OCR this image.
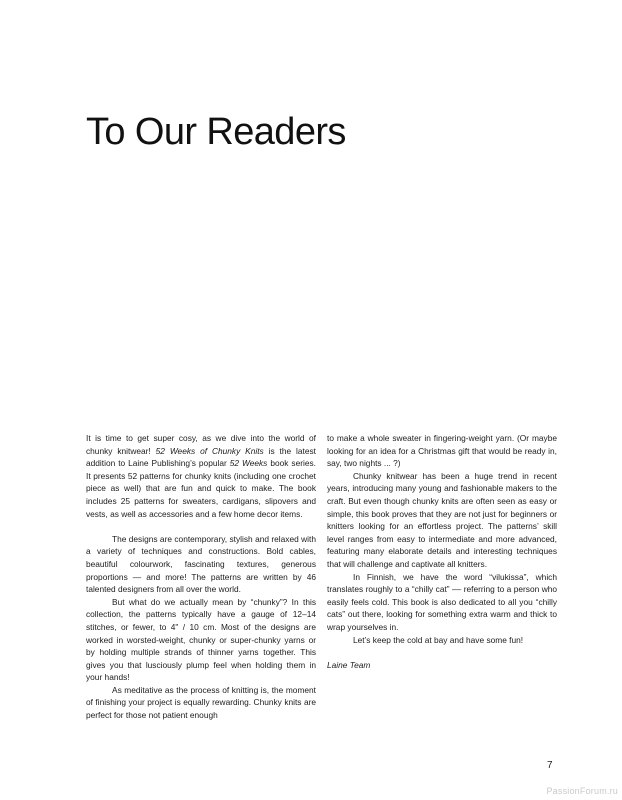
To Our Readers

It is time to get super cosy, as we dive into the world of chunky knitwear! 52 Weeks of Chunky Knits is the latest addition to Laine Publishing’s popular 52 Weeks book series. It presents 52 patterns for chunky knits (including one crochet piece as well) that are fun and quick to make. The book includes 25 patterns for sweaters, cardigans, slipovers and vests, as well as accessories and a few home decor items.

The designs are contemporary, stylish and relaxed with a variety of techniques and constructions. Bold cables, beautiful colourwork, fascinating textures, generous proportions — and more! The patterns are written by 46 talented designers from all over the world.

But what do we actually mean by “chunky”? In this collection, the patterns typically have a gauge of 12–14 stitches, or fewer, to 4" / 10 cm. Most of the designs are worked in worsted-weight, chunky or super-chunky yarns or by holding multiple strands of thinner yarns together. This gives you that lusciously plump feel when holding them in your hands!

As meditative as the process of knitting is, the moment of finishing your project is equally rewarding. Chunky knits are perfect for those not patient enough

to make a whole sweater in fingering-weight yarn. (Or maybe looking for an idea for a Christmas gift that would be ready in, say, two nights ... ?)

Chunky knitwear has been a huge trend in recent years, introducing many young and fashionable makers to the craft. But even though chunky knits are often seen as easy or simple, this book proves that they are not just for beginners or knitters looking for an effortless project. The patterns’ skill level ranges from easy to intermediate and more advanced, featuring many elaborate details and interesting techniques that will challenge and captivate all knitters.

In Finnish, we have the word “vilukissa”, which translates roughly to a “chilly cat” –– referring to a person who easily feels cold. This book is also dedicated to all you “chilly cats” out there, looking for something extra warm and thick to wrap yourselves in.

Let’s keep the cold at bay and have some fun!

Laine Team

7
PassionForum.ru
